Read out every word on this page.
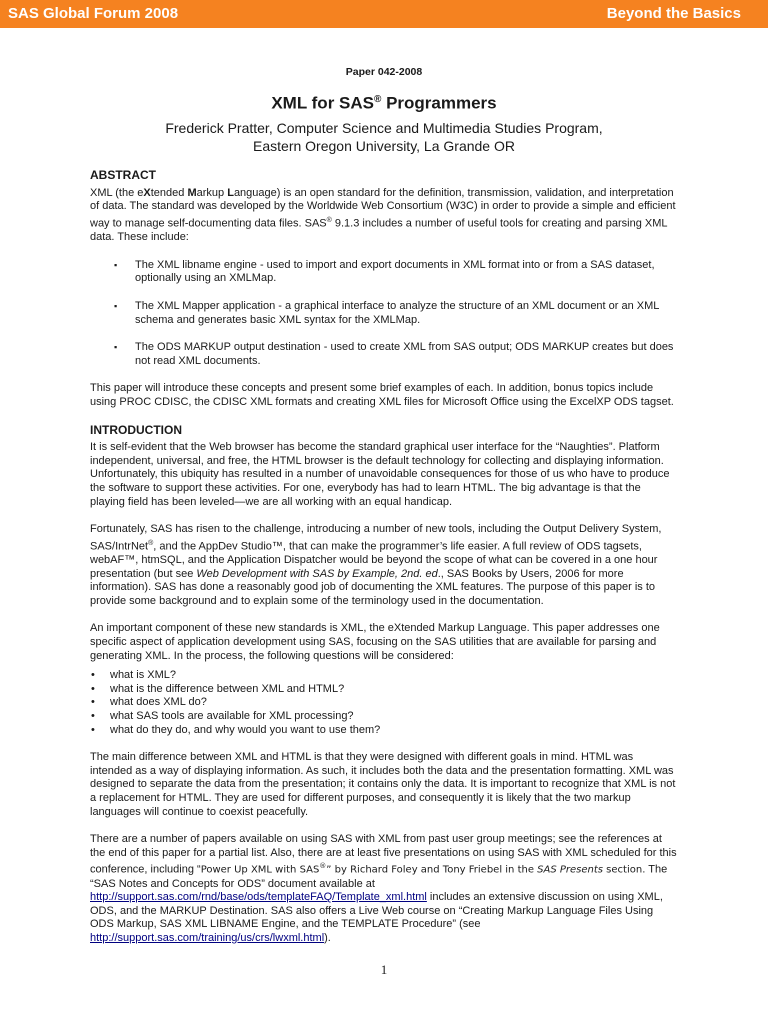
SAS Global Forum 2008	Beyond the Basics
Paper 042-2008
XML for SAS® Programmers
Frederick Pratter, Computer Science and Multimedia Studies Program,
Eastern Oregon University, La Grande OR
ABSTRACT

XML (the eXtended Markup Language) is an open standard for the definition, transmission, validation, and interpretation of data. The standard was developed by the Worldwide Web Consortium (W3C) in order to provide a simple and efficient way to manage self-documenting data files. SAS® 9.1.3 includes a number of useful tools for creating and parsing XML data. These include:

▪ The XML libname engine - used to import and export documents in XML format into or from a SAS dataset, optionally using an XMLMap.
▪ The XML Mapper application - a graphical interface to analyze the structure of an XML document or an XML schema and generates basic XML syntax for the XMLMap.
▪ The ODS MARKUP output destination - used to create XML from SAS output; ODS MARKUP creates but does not read XML documents.

This paper will introduce these concepts and present some brief examples of each. In addition, bonus topics include using PROC CDISC, the CDISC XML formats and creating XML files for Microsoft Office using the ExcelXP ODS tagset.

INTRODUCTION

It is self-evident that the Web browser has become the standard graphical user interface for the “Naughties”. Platform independent, universal, and free, the HTML browser is the default technology for collecting and displaying information. Unfortunately, this ubiquity has resulted in a number of unavoidable consequences for those of us who have to produce the software to support these activities. For one, everybody has had to learn HTML. The big advantage is that the playing field has been leveled—we are all working with an equal handicap.

Fortunately, SAS has risen to the challenge, introducing a number of new tools, including the Output Delivery System, SAS/IntrNet®, and the AppDev Studio™, that can make the programmer’s life easier. A full review of ODS tagsets, webAF™, htmSQL, and the Application Dispatcher would be beyond the scope of what can be covered in a one hour presentation (but see Web Development with SAS by Example, 2nd. ed., SAS Books by Users, 2006 for more information). SAS has done a reasonably good job of documenting the XML features. The purpose of this paper is to provide some background and to explain some of the terminology used in the documentation.

An important component of these new standards is XML, the eXtended Markup Language. This paper addresses one specific aspect of application development using SAS, focusing on the SAS utilities that are available for parsing and generating XML. In the process, the following questions will be considered:

• what is XML?
• what is the difference between XML and HTML?
• what does XML do?
• what SAS tools are available for XML processing?
• what do they do, and why would you want to use them?

The main difference between XML and HTML is that they were designed with different goals in mind. HTML was intended as a way of displaying information. As such, it includes both the data and the presentation formatting. XML was designed to separate the data from the presentation; it contains only the data. It is important to recognize that XML is not a replacement for HTML. They are used for different purposes, and consequently it is likely that the two markup languages will continue to coexist peacefully.

There are a number of papers available on using SAS with XML from past user group meetings; see the references at the end of this paper for a partial list. Also, there are at least five presentations on using SAS with XML scheduled for this conference, including “Power Up XML with SAS®” by Richard Foley and Tony Friebel in the SAS Presents section. The “SAS Notes and Concepts for ODS” document available at http://support.sas.com/rnd/base/ods/templateFAQ/Template_xml.html includes an extensive discussion on using XML, ODS, and the MARKUP Destination. SAS also offers a Live Web course on “Creating Markup Language Files Using ODS Markup, SAS XML LIBNAME Engine, and the TEMPLATE Procedure” (see http://support.sas.com/training/us/crs/lwxml.html).

1
